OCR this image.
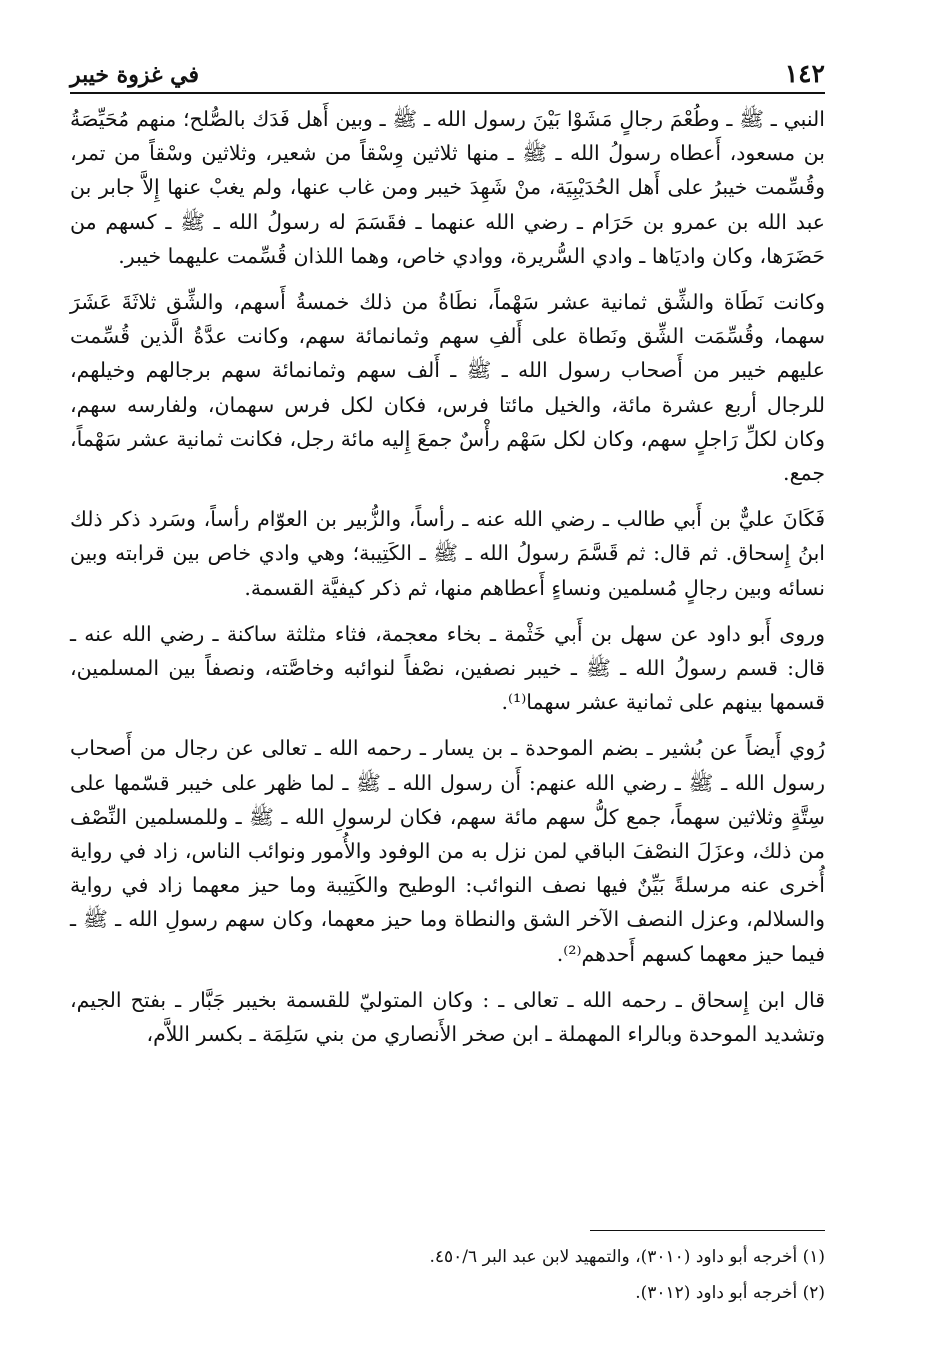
١٤٢
في غزوة خيبر

النبي ـ ﷺ ـ وطُعْمَ رجالٍ مَشَوْا بَيْنَ رسول الله ـ ﷺ ـ وبين أَهل فَدَك بالصُّلح؛ منهم مُحَيِّصَةُ بن مسعود، أَعطاه رسولُ الله ـ ﷺ ـ منها ثلاثين وِسْقاً من شعير، وثلاثين وسْقاً من تمر، وقُسِّمت خيبرُ على أَهل الحُدَيْبِيَة، منْ شَهِدَ خيبر ومن غاب عنها، ولم يغبْ عنها إِلاَّ جابر بن عبد الله بن عمرو بن حَرَام ـ رضي الله عنهما ـ فقَسَمَ له رسولُ الله ـ ﷺ ـ كسهم من حَضَرَها، وكان واديَاها ـ وادي السُّريرة، ووادي خاص، وهما اللذان قُسِّمت عليهما خيبر.

وكانت نَطَاة والشِّق ثمانية عشر سَهْماً، نطَاةُ من ذلك خمسةُ أَسهم، والشِّق ثلاثَةَ عَشَرَ سهما، وقُسِّمَت الشِّق ونَطاة على أَلفِ سهم وثمانمائة سهم، وكانت عدَّةُ الَّذين قُسِّمت عليهم خيبر من أَصحاب رسول الله ـ ﷺ ـ أَلف سهم وثمانمائة سهم برجالهم وخيلهم، للرجال أربع عشرة مائة، والخيل مائتا فرس، فكان لكل فرس سهمان، ولفارسه سهم، وكان لكلِّ رَاجلٍ سهم، وكان لكل سَهْم رأْسٌ جمعَ إِليه مائة رجل، فكانت ثمانية عشر سَهْماً، جمع.

فَكَانَ عليٌّ بن أَبي طالب ـ رضي الله عنه ـ رأساً، والزُّبير بن العوّام رأساً، وسَرد ذكر ذلك ابنُ إِسحاق. ثم قال: ثم قَسَّمَ رسولُ الله ـ ﷺ ـ الكَتِيبة؛ وهي وادي خاص بين قرابته وبين نسائه وبين رجالٍ مُسلمين ونساءٍ أَعطاهم منها، ثم ذكر كيفيَّة القسمة.

وروى أَبو داود عن سهل بن أَبي خَثْمة ـ بخاء معجمة، فثاء مثلثة ساكنة ـ رضي الله عنه ـ قال: قسم رسولُ الله ـ ﷺ ـ خيبر نصفين، نصْفاً لنوائبه وخاصَّته، ونصفاً بين المسلمين، قسمها بينهم على ثمانية عشر سهما⁽¹⁾.

رُوي أَيضاً عن بُشير ـ بضم الموحدة ـ بن يسار ـ رحمه الله ـ تعالى عن رجال من أَصحاب رسول الله ـ ﷺ ـ رضي الله عنهم: أَن رسول الله ـ ﷺ ـ لما ظهر على خيبر قسّمها على سِتَّةٍ وثلاثين سهماً، جمع كلُّ سهم مائة سهم، فكان لرسولِ الله ـ ﷺ ـ وللمسلمين النِّصْف من ذلك، وعزَلَ النصْفَ الباقي لمن نزل به من الوفود والأُمور ونوائب الناس، زاد في رواية أُخرى عنه مرسلةً بَيِّنٌ فيها نصف النوائب: الوطيح والكَتِيبة وما حيز معهما زاد في رواية والسلالم، وعزل النصف الآخر الشق والنطاة وما حيز معهما، وكان سهم رسولِ الله ـ ﷺ ـ فيما حيز معهما كسهم أَحدهم⁽²⁾.

قال ابن إِسحاق ـ رحمه الله ـ تعالى ـ : وكان المتوليّ للقسمة بخيبر جَبَّار ـ بفتح الجيم، وتشديد الموحدة وبالراء المهملة ـ ابن صخر الأَنصاري من بني سَلِمَة ـ بكسر اللاَّم،

(١) أخرجه أبو داود (٣٠١٠)، والتمهيد لابن عبد البر ٤٥٠/٦.

(٢) أخرجه أبو داود (٣٠١٢).
